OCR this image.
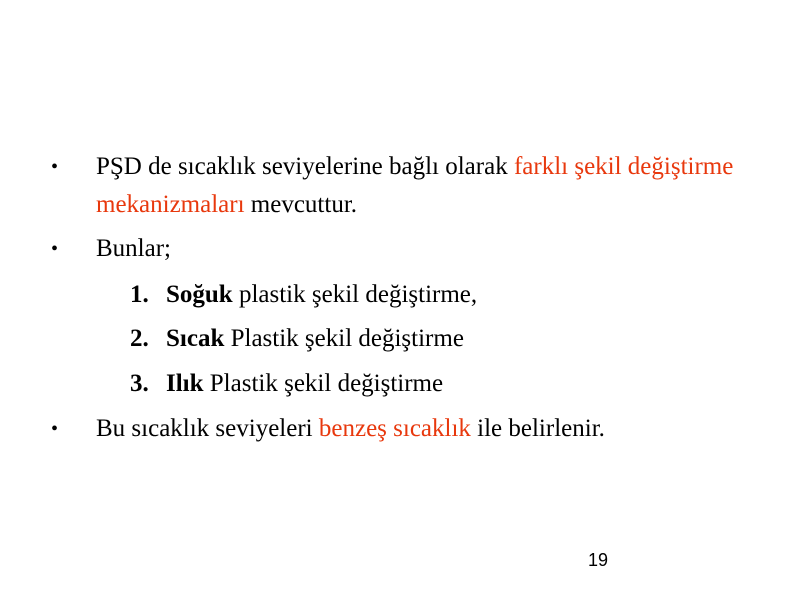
• PŞD de sıcaklık seviyelerine bağlı olarak farklı şekil değiştirme mekanizmaları mevcuttur.
• Bunlar;
1. Soğuk plastik şekil değiştirme,
2. Sıcak Plastik şekil değiştirme
3. Ilık Plastik şekil değiştirme
• Bu sıcaklık seviyeleri benzeş sıcaklık ile belirlenir.
19
